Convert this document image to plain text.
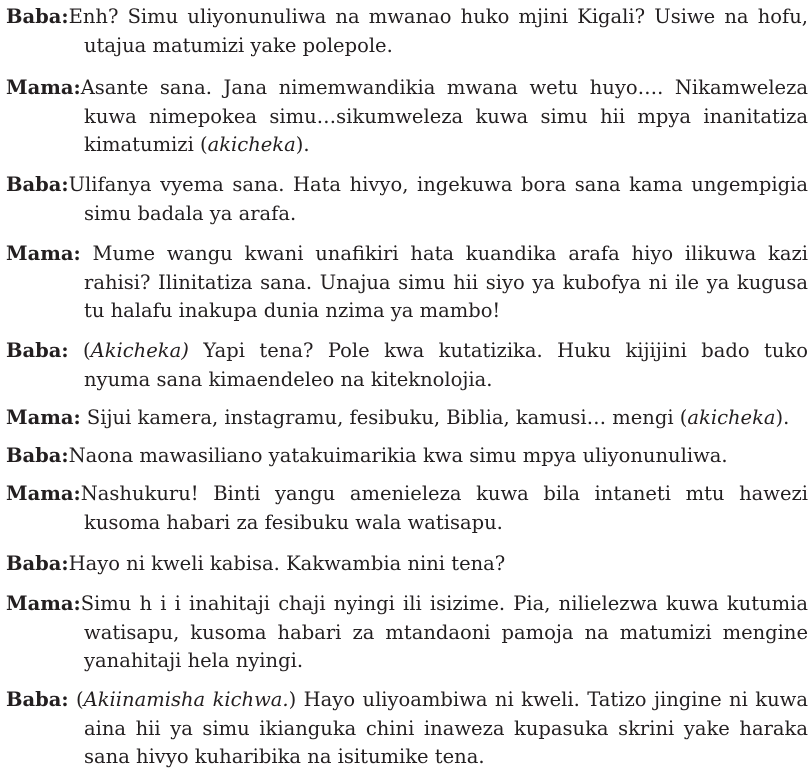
Baba:Enh? Simu uliyonunuliwa na mwanao huko mjini Kigali? Usiwe na hofu,
utajua matumizi yake polepole.
Mama:Asante sana. Jana nimemwandikia mwana wetu huyo…. Nikamweleza
kuwa nimepokea simu…sikumweleza kuwa simu hii mpya inanitatiza
kimatumizi (akicheka).
Baba:Ulifanya vyema sana. Hata hivyo, ingekuwa bora sana kama ungempigia
simu badala ya arafa.
Mama: Mume wangu kwani unafikiri hata kuandika arafa hiyo ilikuwa kazi
rahisi? Ilinitatiza sana. Unajua simu hii siyo ya kubofya ni ile ya kugusa
tu halafu inakupa dunia nzima ya mambo!
Baba: (Akicheka) Yapi tena? Pole kwa kutatizika. Huku kijijini bado tuko
nyuma sana kimaendeleo na kiteknolojia.
Mama: Sijui kamera, instagramu, fesibuku, Biblia, kamusi… mengi (akicheka).
Baba:Naona mawasiliano yatakuimarikia kwa simu mpya uliyonunuliwa.
Mama:Nashukuru! Binti yangu amenieleza kuwa bila intaneti mtu hawezi
kusoma habari za fesibuku wala watisapu.
Baba:Hayo ni kweli kabisa. Kakwambia nini tena?
Mama:Simu h i i inahitaji chaji nyingi ili isizime. Pia, nilielezwa kuwa kutumia
watisapu, kusoma habari za mtandaoni pamoja na matumizi mengine
yanahitaji hela nyingi.
Baba: (Akiinamisha kichwa.) Hayo uliyoambiwa ni kweli. Tatizo jingine ni kuwa
aina hii ya simu ikianguka chini inaweza kupasuka skrini yake haraka
sana hivyo kuharibika na isitumike tena.
